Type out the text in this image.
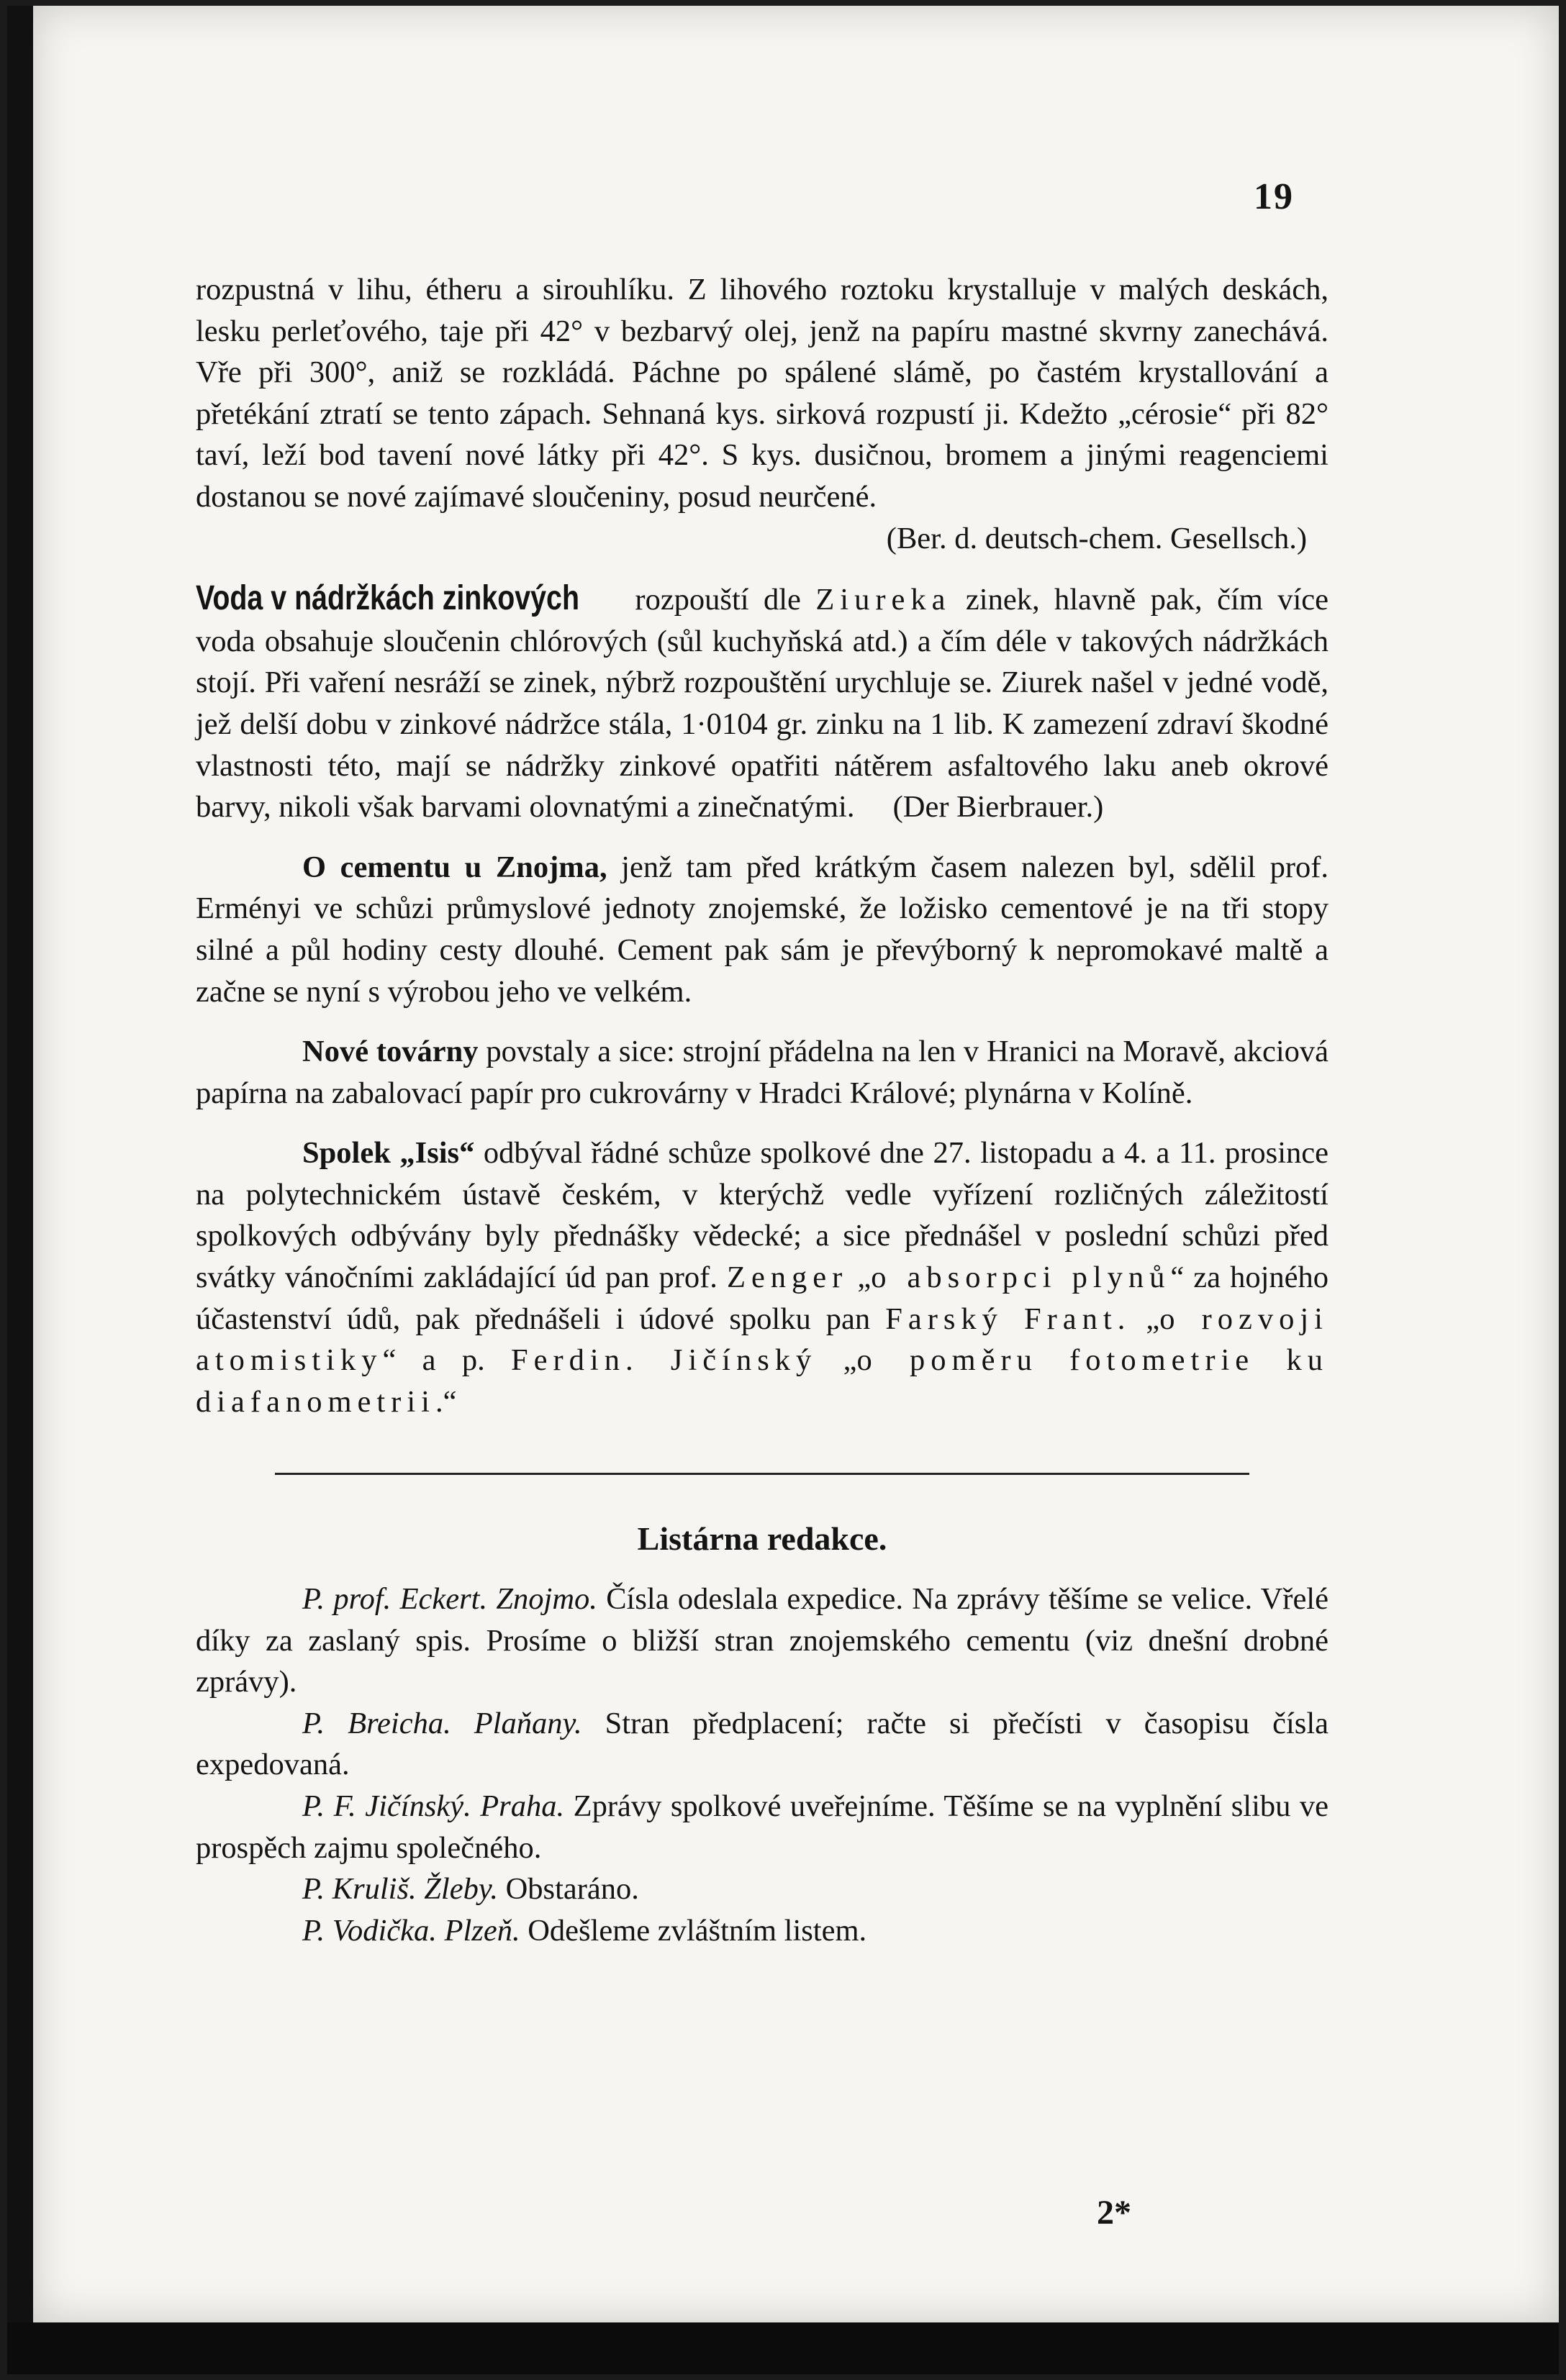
19

rozpustná v lihu, étheru a sirouhlíku. Z lihového roztoku krystalluje v malých deskách, lesku perleťového, taje při 42° v bezbarvý olej, jenž na papíru mastné skvrny zanechává. Vře při 300°, aniž se rozkládá. Páchne po spálené slámě, po častém krystallování a přetékání ztratí se tento zápach. Sehnaná kys. sirková rozpustí ji. Kdežto „cérosie“ při 82° taví, leží bod tavení nové látky při 42°. S kys. dusičnou, bromem a jinými reagenciemi dostanou se nové zajímavé sloučeniny, posud neurčené.

(Ber. d. deutsch-chem. Gesellsch.)

Voda v nádržkách zinkových rozpouští dle Ziureka zinek, hlavně pak, čím více voda obsahuje sloučenin chlórových (sůl kuchyňská atd.) a čím déle v takových nádržkách stojí. Při vaření nesráží se zinek, nýbrž rozpouštění urychluje se. Ziurek našel v jedné vodě, jež delší dobu v zinkové nádržce stála, 1·0104 gr. zinku na 1 lib. K zamezení zdraví škodné vlastnosti této, mají se nádržky zinkové opatřiti nátěrem asfaltového laku aneb okrové barvy, nikoli však barvami olovnatými a zinečnatými. (Der Bierbrauer.)

O cementu u Znojma, jenž tam před krátkým časem nalezen byl, sdělil prof. Erményi ve schůzi průmyslové jednoty znojemské, že ložisko cementové je na tři stopy silné a půl hodiny cesty dlouhé. Cement pak sám je převýborný k nepromokavé maltě a začne se nyní s výrobou jeho ve velkém.

Nové továrny povstaly a sice: strojní přádelna na len v Hranici na Moravě, akciová papírna na zabalovací papír pro cukrovárny v Hradci Králové; plynárna v Kolíně.

Spolek „Isis“ odbýval řádné schůze spolkové dne 27. listopadu a 4. a 11. prosince na polytechnickém ústavě českém, v kterýchž vedle vyřízení rozličných záležitostí spolkových odbývány byly přednášky vědecké; a sice přednášel v poslední schůzi před svátky vánočními zakládající úd pan prof. Zenger „o absorpci plynů“ za hojného účastenství údů, pak přednášeli i údové spolku pan Farský Frant. „o rozvoji atomistiky“ a p. Ferdin. Jičínský „o poměru fotometrie ku diafanometrii.“

Listárna redakce.

P. prof. Eckert. Znojmo. Čísla odeslala expedice. Na zprávy těšíme se velice. Vřelé díky za zaslaný spis. Prosíme o bližší stran znojemského cementu (viz dnešní drobné zprávy).

P. Breicha. Plaňany. Stran předplacení; račte si přečísti v časopisu čísla expedovaná.

P. F. Jičínský. Praha. Zprávy spolkové uveřejníme. Těšíme se na vyplnění slibu ve prospěch zajmu společného.

P. Kruliš. Žleby. Obstaráno.

P. Vodička. Plzeň. Odešleme zvláštním listem.

2*
